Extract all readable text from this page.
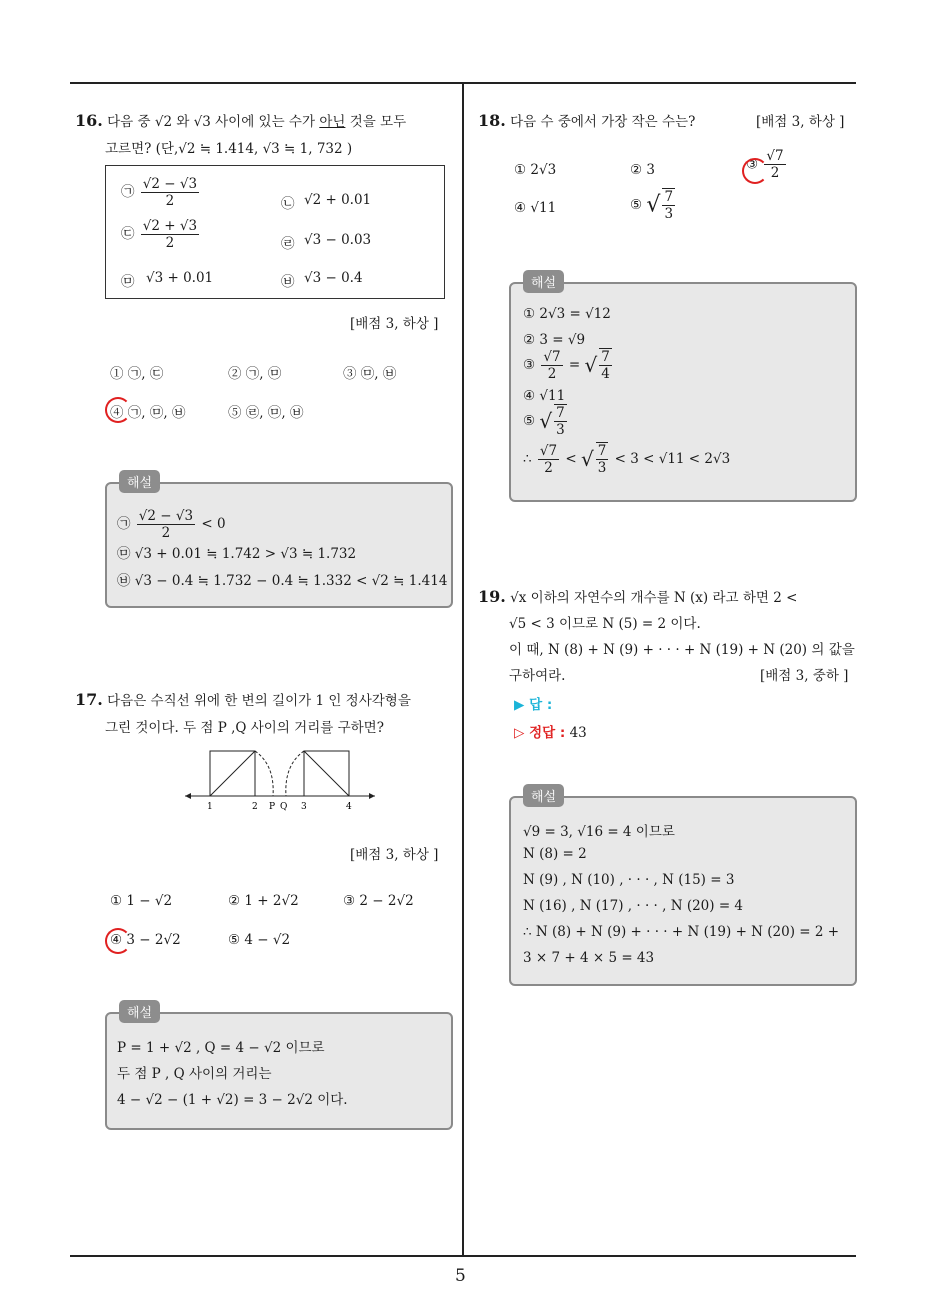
5
16. 다음 중 √2 와 √3 사이에 있는 수가 아닌 것을 모두
고르면? (단,√2 ≒ 1.414, √3 ≒ 1, 732 )
㉠ $\frac{√2 - √3}{2}$	㉡ √2 + 0.01
㉢ $\frac{√2 + √3}{2}$	㉣ √3 − 0.03
㉤ √3 + 0.01	㉥ √3 − 0.4
[배점 3, 하상 ]
① ㉠, ㉢	② ㉠, ㉤	③ ㉤, ㉥
④ ㉠, ㉤, ㉥	⑤ ㉣, ㉤, ㉥
㉠ $\frac{√2 - √3}{2} < 0$
㉤ √3 + 0.01 ≒ 1.742 > √3 ≒ 1.732
㉥ √3 − 0.4 ≒ 1.732 − 0.4 ≒ 1.332 < √2 ≒ 1.414
해설
17. 다음은 수직선 위에 한 변의 길이가 1 인 정사각형을
그린 것이다. 두 점 P ,Q 사이의 거리를 구하면?
1	2 P Q 3	4
[배점 3, 하상 ]
① 1 − √2	② 1 + 2√2	③ 2 − 2√2
④ 3 − 2√2	⑤ 4 − √2
P = 1 + √2 , Q = 4 − √2 이므로
두 점 P , Q 사이의 거리는
4 − √2 − (1 + √2) = 3 − 2√2 이다.
해설
18. 다음 수 중에서 가장 작은 수는?	[배점 3, 하상 ]
① 2√3	② 3	③ $\frac{√7}{2}$
④ √11	⑤ √ $\frac{7}{3}$
① 2√3 = √12
② 3 = √9
③ $\frac{√7}{2}$ = √ $\frac{7}{4}$
④ √11
⑤ √ $\frac{7}{3}$
∴ $\frac{√7}{2}$ < √ $\frac{7}{3} < 3 < √11 < 2√3$
해설
19. √x 이하의 자연수의 개수를 N (x) 라고 하면 2 <
√5 < 3 이므로 N (5) = 2 이다.
이 때, N (8) + N (9) + · · · + N (19) + N (20) 의 값을
구하여라.	[배점 3, 중하 ]
▶ 답 :
▷ 정답 : 43
√9 = 3, √16 = 4 이므로
N (8) = 2
N (9) , N (10) , · · · , N (15) = 3
N (16) , N (17) , · · · , N (20) = 4
∴ N (8) + N (9) + · · · + N (19) + N (20) = 2 +
3 × 7 + 4 × 5 = 43
해설
